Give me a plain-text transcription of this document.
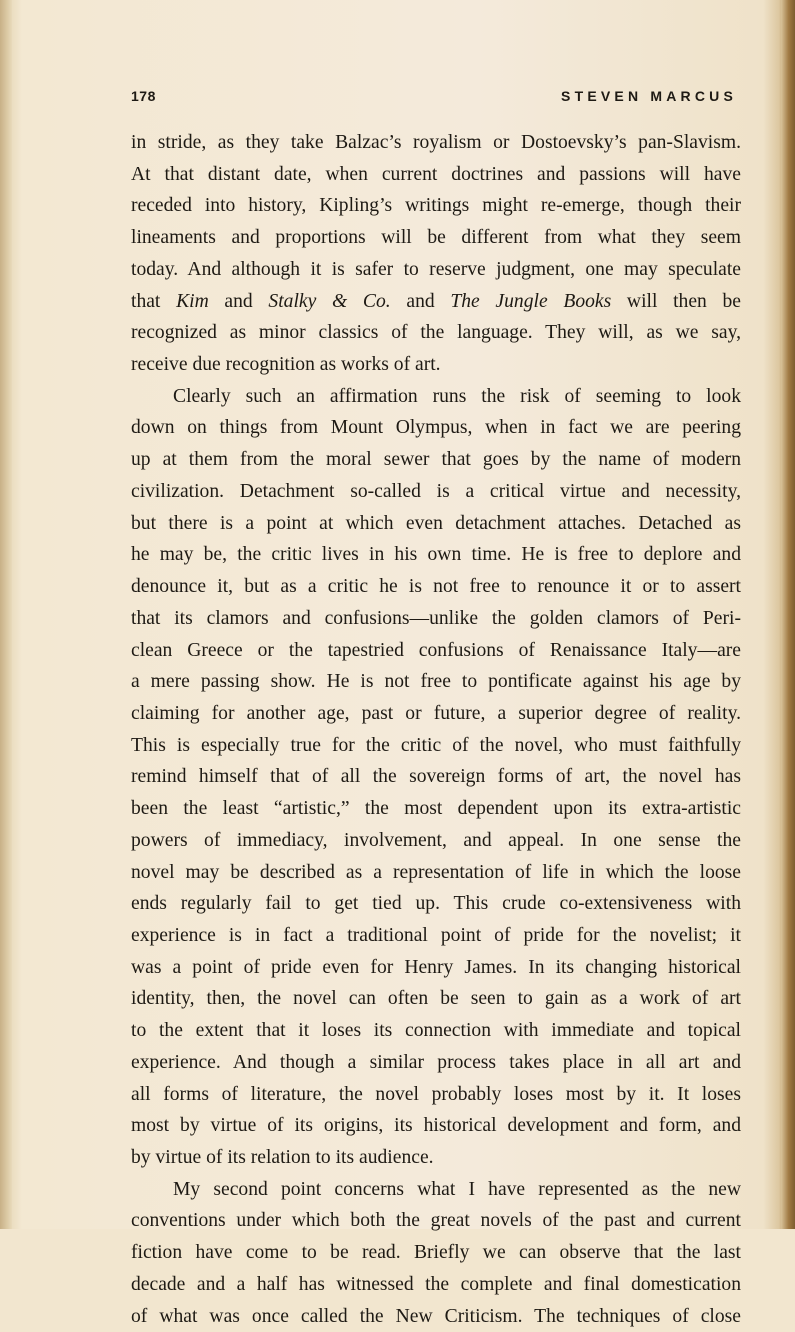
178	STEVEN MARCUS
in stride, as they take Balzac’s royalism or Dostoevsky’s pan-Slavism.
At that distant date, when current doctrines and passions will have
receded into history, Kipling’s writings might re-emerge, though their
lineaments and proportions will be different from what they seem
today. And although it is safer to reserve judgment, one may speculate
that Kim and Stalky & Co. and The Jungle Books will then be
recognized as minor classics of the language. They will, as we say,
receive due recognition as works of art.
Clearly such an affirmation runs the risk of seeming to look
down on things from Mount Olympus, when in fact we are peering
up at them from the moral sewer that goes by the name of modern
civilization. Detachment so-called is a critical virtue and necessity,
but there is a point at which even detachment attaches. Detached as
he may be, the critic lives in his own time. He is free to deplore and
denounce it, but as a critic he is not free to renounce it or to assert
that its clamors and confusions—unlike the golden clamors of Peri-
clean Greece or the tapestried confusions of Renaissance Italy—are
a mere passing show. He is not free to pontificate against his age by
claiming for another age, past or future, a superior degree of reality.
This is especially true for the critic of the novel, who must faithfully
remind himself that of all the sovereign forms of art, the novel has
been the least “artistic,” the most dependent upon its extra-artistic
powers of immediacy, involvement, and appeal. In one sense the
novel may be described as a representation of life in which the loose
ends regularly fail to get tied up. This crude co-extensiveness with
experience is in fact a traditional point of pride for the novelist; it
was a point of pride even for Henry James. In its changing historical
identity, then, the novel can often be seen to gain as a work of art
to the extent that it loses its connection with immediate and topical
experience. And though a similar process takes place in all art and
all forms of literature, the novel probably loses most by it. It loses
most by virtue of its origins, its historical development and form, and
by virtue of its relation to its audience.
My second point concerns what I have represented as the new
conventions under which both the great novels of the past and current
fiction have come to be read. Briefly we can observe that the last
decade and a half has witnessed the complete and final domestication
of what was once called the New Criticism. The techniques of close
